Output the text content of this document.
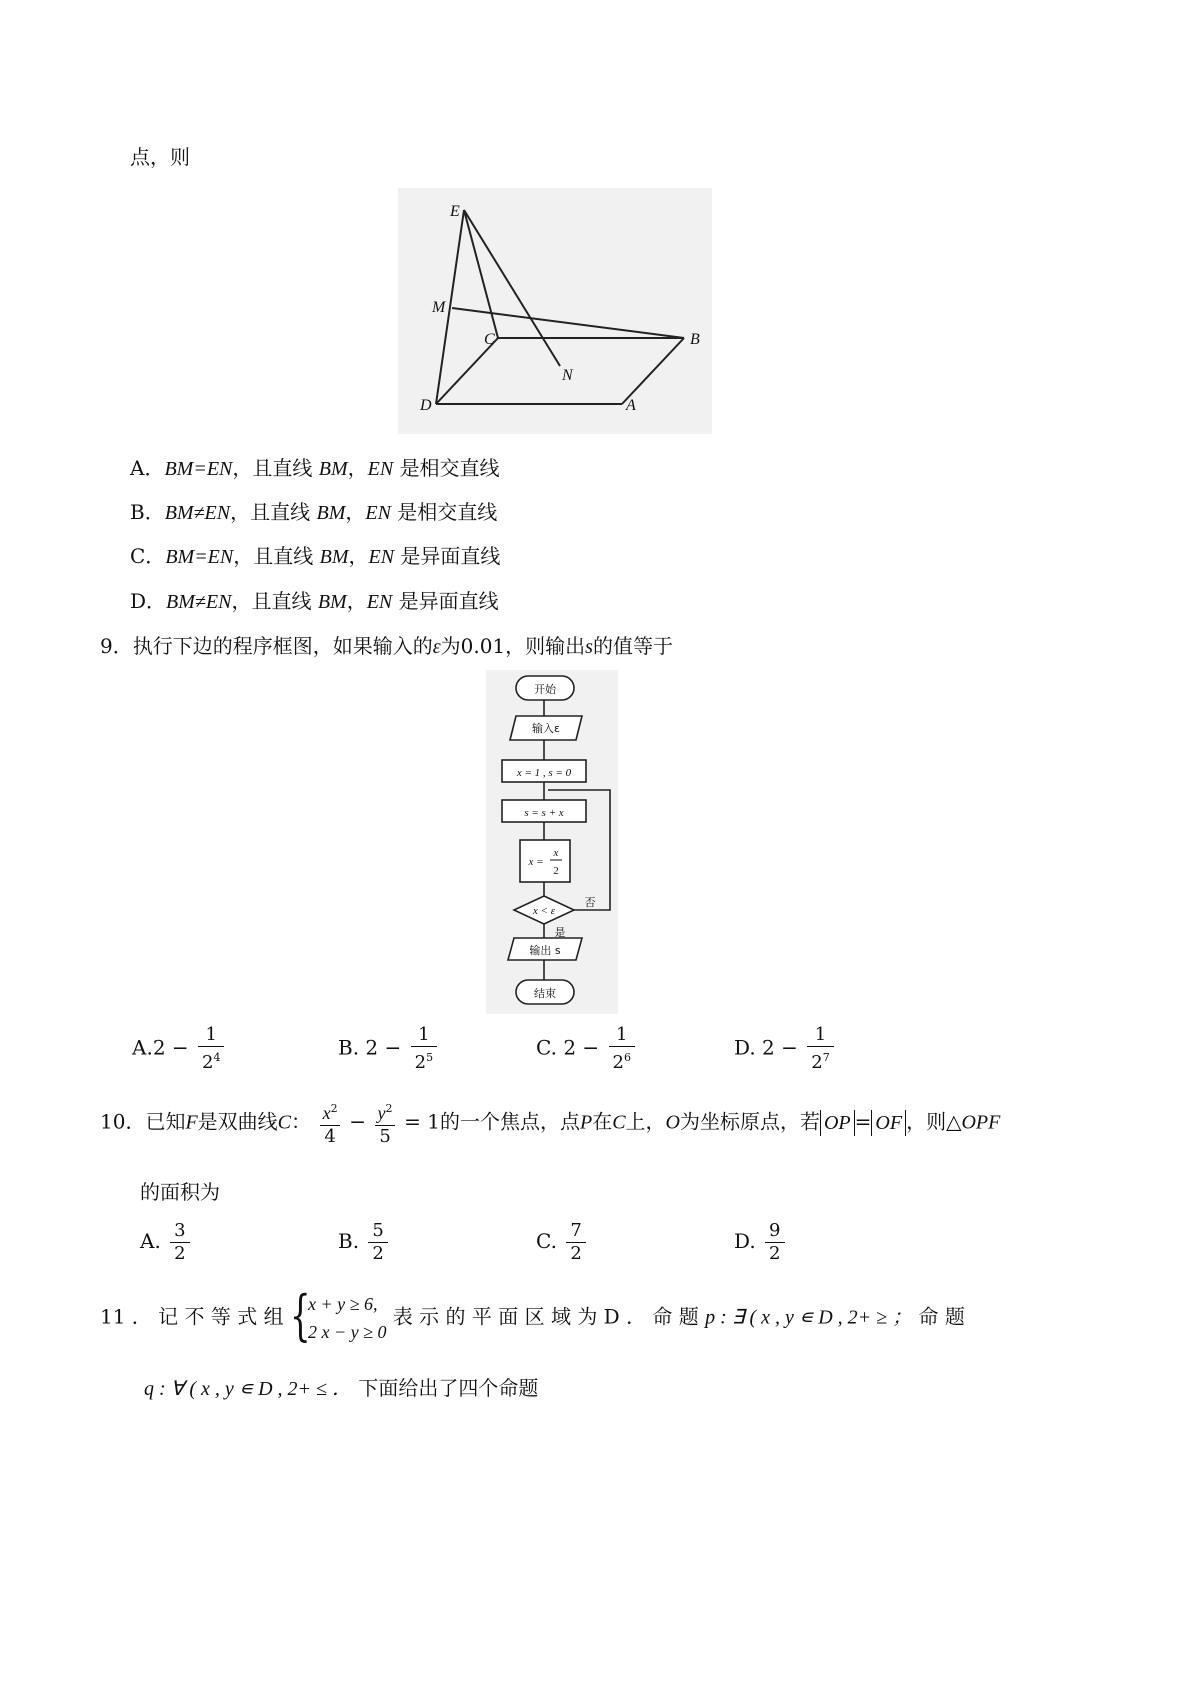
点，则
E
M
C	B
N
D	A
A．BM=EN，且直线 BM，EN 是相交直线
B．BM≠EN，且直线 BM，EN 是相交直线
C．BM=EN，且直线 BM，EN 是异面直线
D．BM≠EN，且直线 BM，EN 是异面直线
9．执行下边的程序框图，如果输入的ε为0.01，则输出s的值等于
开始
输入ε
x = 1 , s = 0
s = s + x
x =
x
2
x < ε
否
是
输出 s
结束
$A.2 - \frac{1}{2^4}$	B. $2 - \frac{1}{2^5}$	C. $2 - \frac{1}{2^6}$	D. $2 - \frac{1}{2^7}$
10．已知F是双曲线C： $\frac{x^2}{4} - \frac{y^2}{5} = 1$的一个焦点，点P在C上，O为坐标原点，若 OP = OF ，则△OPF
的面积为
A. $\frac{3}{2}$	B. $\frac{5}{2}$	C. $\frac{7}{2}$	D. $\frac{9}{2}$
11 ． 记 不 等 式 组 {
x + y ≥ 6,
2 x − y ≥ 0
表 示 的 平 面 区 域 为 D ． 命 题 p : ∃ ( x , y ∊ D , 2+ ≥ ； 命 题
q : ∀ ( x , y ∊ D , 2+ ≤ ． 下面给出了四个命题
